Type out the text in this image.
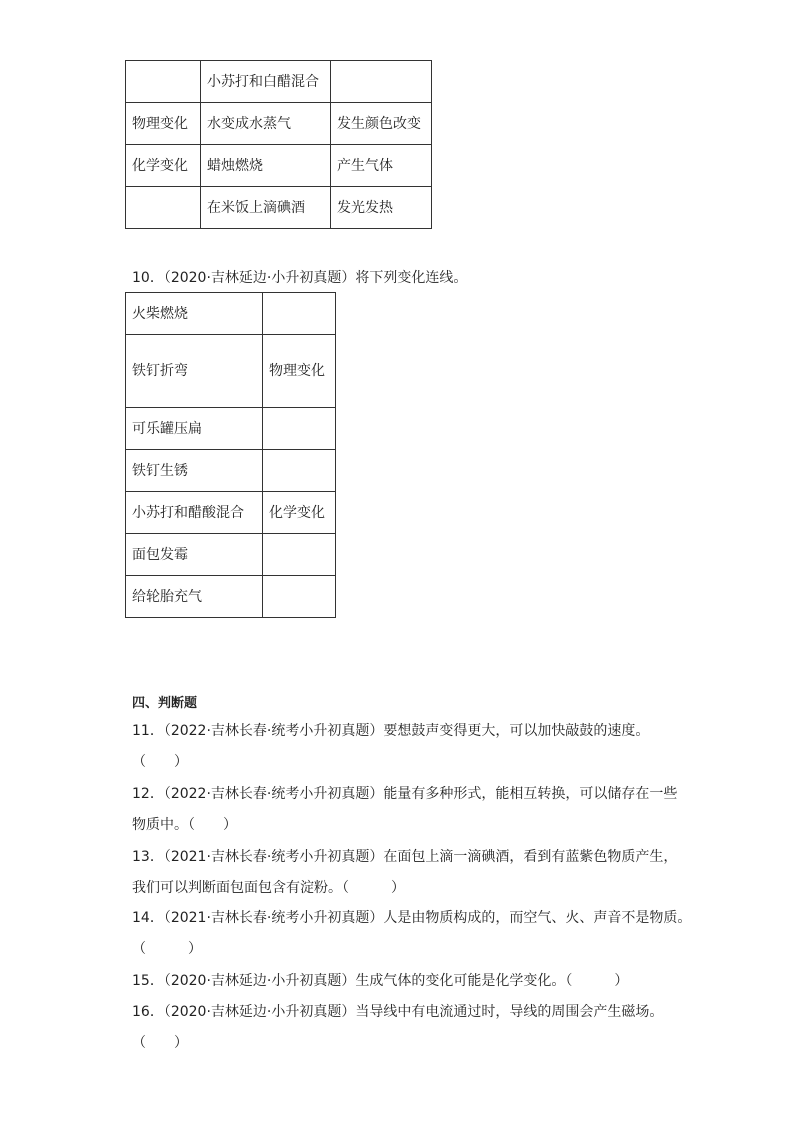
	小苏打和白醋混合	
物理变化	水变成水蒸气	发生颜色改变
化学变化	蜡烛燃烧	产生气体
	在米饭上滴碘酒	发光发热
10．（2020·吉林延边·小升初真题）将下列变化连线。
火柴燃烧	
铁钉折弯	物理变化

可乐罐压扁	
铁钉生锈	
小苏打和醋酸混合	化学变化
面包发霉	
给轮胎充气	
四、判断题
11．（2022·吉林长春·统考小升初真题）要想鼓声变得更大，可以加快敲鼓的速度。
（　　）
12．（2022·吉林长春·统考小升初真题）能量有多种形式，能相互转换，可以储存在一些
物质中。（　　）
13．（2021·吉林长春·统考小升初真题）在面包上滴一滴碘酒，看到有蓝紫色物质产生，
我们可以判断面包面包含有淀粉。（　　　）
14．（2021·吉林长春·统考小升初真题）人是由物质构成的，而空气、火、声音不是物质。
（　　　）
15．（2020·吉林延边·小升初真题）生成气体的变化可能是化学变化。（　　　）
16．（2020·吉林延边·小升初真题）当导线中有电流通过时，导线的周围会产生磁场。
（　　）
